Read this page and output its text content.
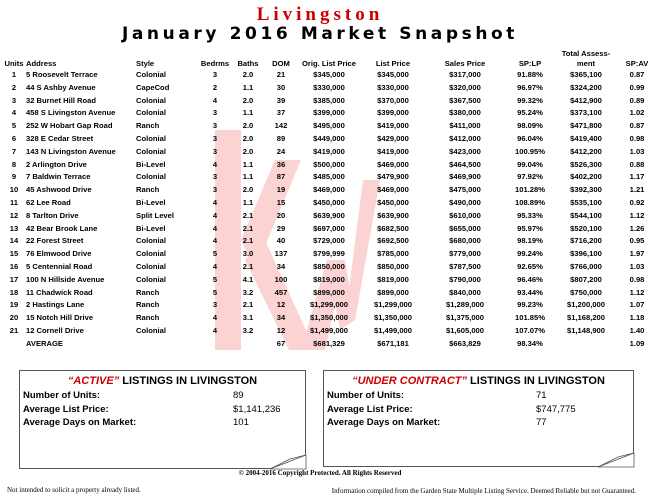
Livingston
January 2016 Market Snapshot
Units	Address	Style	Bedrms	Baths	DOM	Orig. List Price	List Price	Sales Price	SP:LP	Total Assess-ment	SP:AV
1	5 Roosevelt Terrace	Colonial	3	2.0	21	$345,000	$345,000	$317,000	91.88%	$365,100	0.87
2	44 S Ashby Avenue	CapeCod	2	1.1	30	$330,000	$330,000	$320,000	96.97%	$324,200	0.99
3	32 Burnet Hill Road	Colonial	4	2.0	39	$385,000	$370,000	$367,500	99.32%	$412,900	0.89
4	458 S Livingston Avenue	Colonial	3	1.1	37	$399,000	$399,000	$380,000	95.24%	$373,100	1.02
5	252 W Hobart Gap Road	Ranch	3	2.0	142	$495,000	$419,000	$411,000	98.09%	$471,800	0.87
6	328 E Cedar Street	Colonial	3	2.0	89	$449,000	$429,000	$412,000	96.04%	$419,400	0.98
7	143 N Livingston Avenue	Colonial	3	2.0	24	$419,000	$419,000	$423,000	100.95%	$412,200	1.03
8	2 Arlington Drive	Bi-Level	4	1.1	36	$500,000	$469,000	$464,500	99.04%	$526,300	0.88
9	7 Baldwin Terrace	Colonial	3	1.1	87	$485,000	$479,900	$469,900	97.92%	$402,200	1.17
10	45 Ashwood Drive	Ranch	3	2.0	19	$469,000	$469,000	$475,000	101.28%	$392,300	1.21
11	62 Lee Road	Bi-Level	4	1.1	15	$450,000	$450,000	$490,000	108.89%	$535,100	0.92
12	8 Tarlton Drive	Split Level	4	2.1	20	$639,900	$639,900	$610,000	95.33%	$544,100	1.12
13	42 Bear Brook Lane	Bi-Level	4	2.1	29	$697,000	$682,500	$655,000	95.97%	$520,100	1.26
14	22 Forest Street	Colonial	4	2.1	40	$729,000	$692,500	$680,000	98.19%	$716,200	0.95
15	76 Elmwood Drive	Colonial	5	3.0	137	$799,999	$785,000	$779,000	99.24%	$396,100	1.97
16	5 Centennial Road	Colonial	4	2.1	34	$850,000	$850,000	$787,500	92.65%	$766,000	1.03
17	100 N Hillside Avenue	Colonial	5	4.1	100	$819,000	$819,000	$790,000	96.46%	$807,200	0.98
18	11 Chadwick Road	Ranch	5	3.2	457	$899,000	$899,000	$840,000	93.44%	$750,000	1.12
19	2 Hastings Lane	Ranch	3	2.1	12	$1,299,000	$1,299,000	$1,289,000	99.23%	$1,200,000	1.07
20	15 Notch Hill Drive	Ranch	4	3.1	34	$1,350,000	$1,350,000	$1,375,000	101.85%	$1,168,200	1.18
21	12 Cornell Drive	Colonial	4	3.2	12	$1,499,000	$1,499,000	$1,605,000	107.07%	$1,148,900	1.40
	AVERAGE				67	$681,329	$671,181	$663,829	98.34%		1.09
“ACTIVE” LISTINGS IN LIVINGSTON
Number of Units:	89
Average List Price:	$1,141,236
Average Days on Market:	101
“UNDER CONTRACT” LISTINGS IN LIVINGSTON
Number of Units:	71
Average List Price:	$747,775
Average Days on Market:	77
© 2004-2016 Copyright Protected. All Rights Reserved
Not intended to solicit a property already listed.	Information compiled from the Garden State Multiple Listing Service. Deemed Reliable but not Guaranteed.
